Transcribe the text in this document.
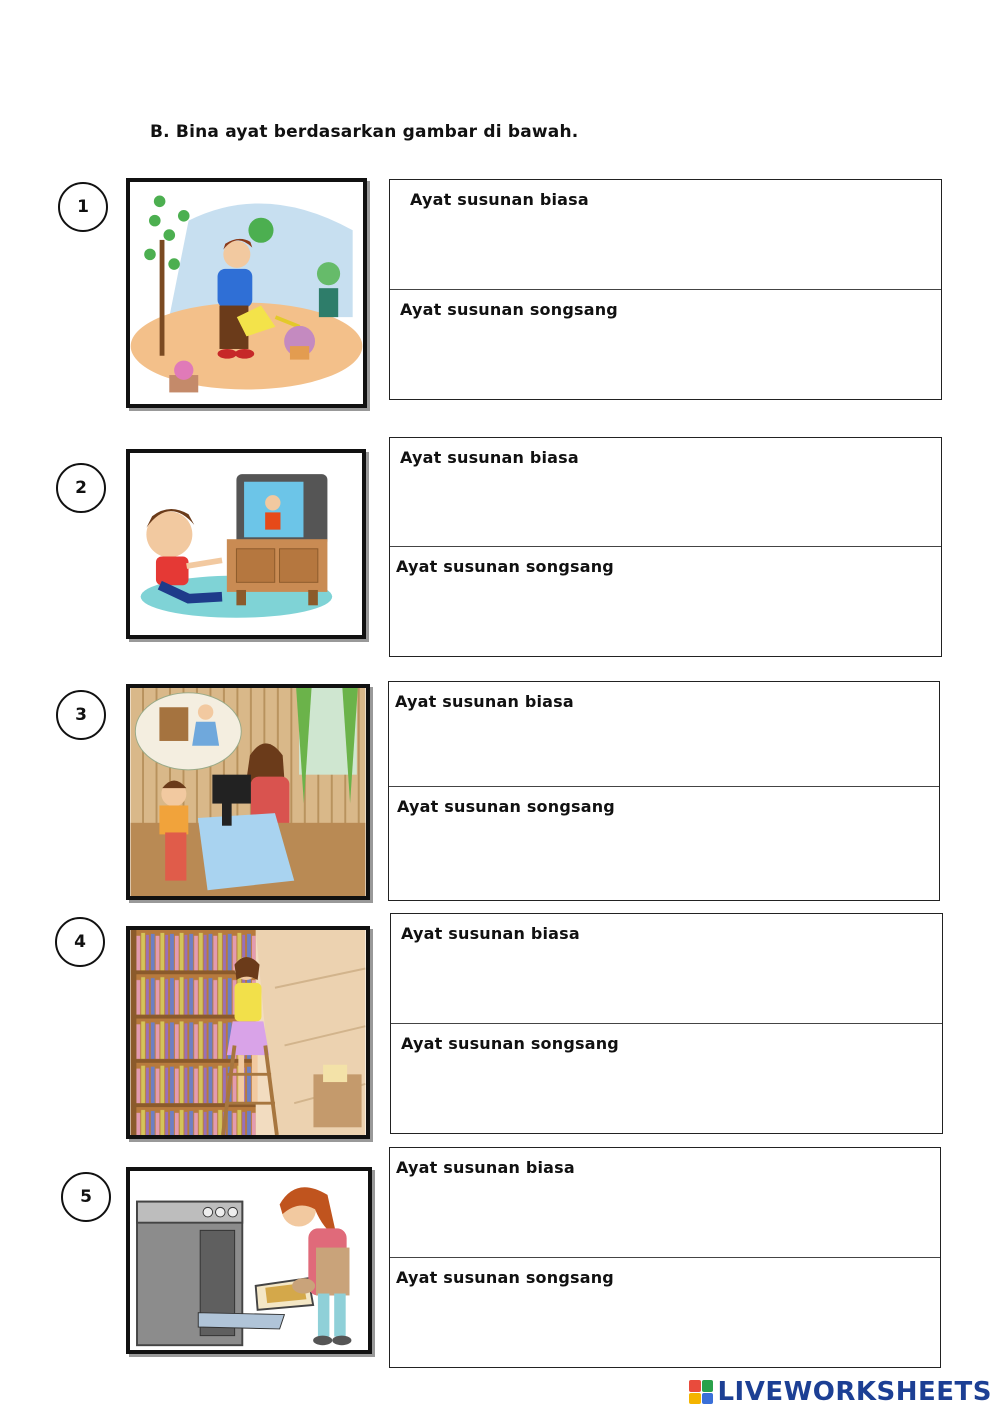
B. Bina ayat berdasarkan gambar di bawah.
1	Ayat susunan biasa
Ayat susunan songsang
2
Ayat susunan biasa
Ayat susunan songsang
3
Ayat susunan biasa
Ayat susunan songsang
4	Ayat susunan biasa
Ayat susunan songsang
5
Ayat susunan biasa
Ayat susunan songsang
LIVEWORKSHEETS
